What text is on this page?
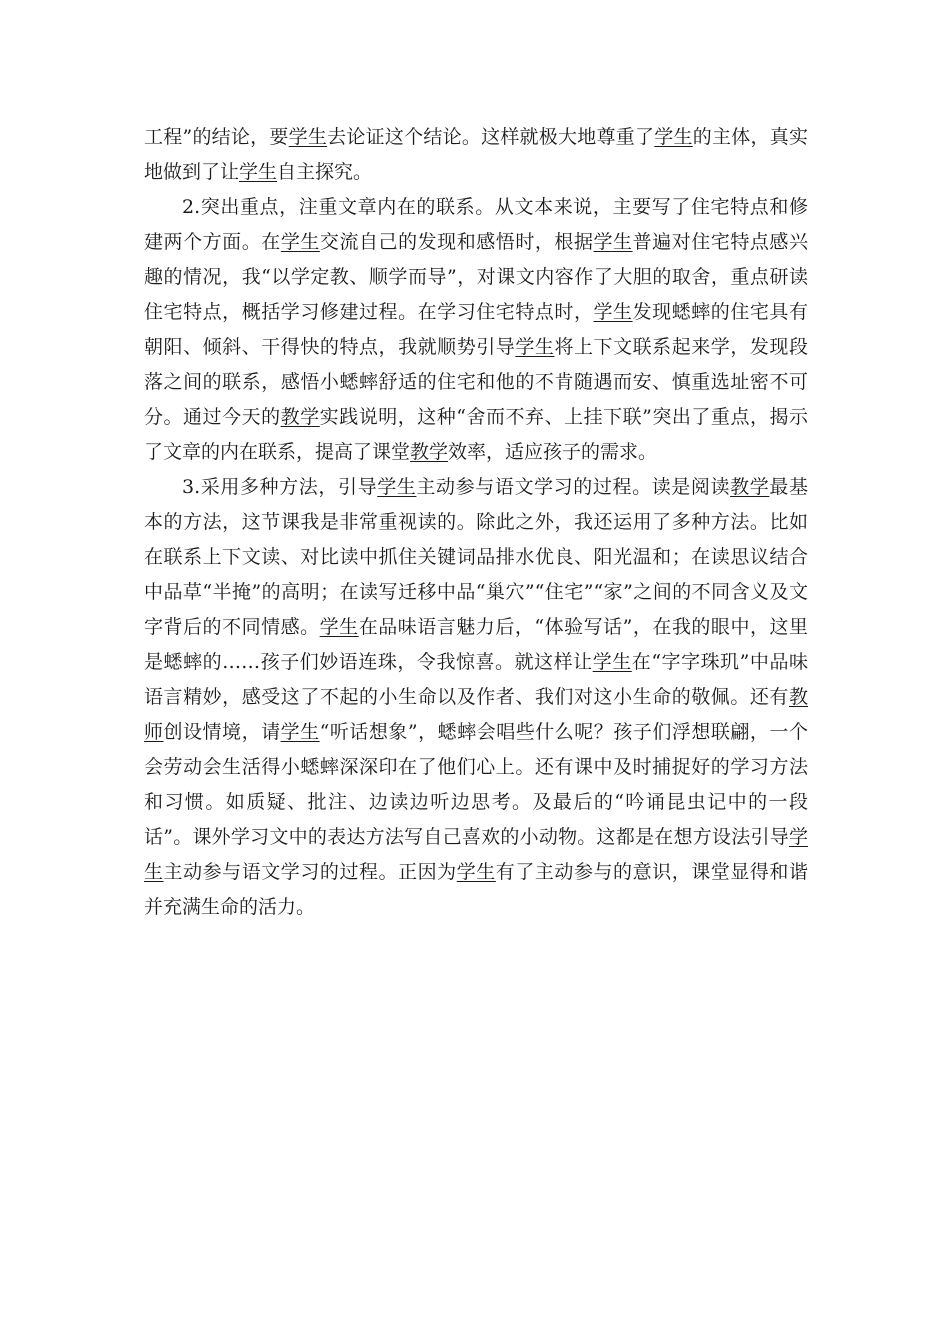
工程”的结论，要学生去论证这个结论。这样就极大地尊重了学生的主体，真实地做到了让学生自主探究。

2.突出重点，注重文章内在的联系。从文本来说，主要写了住宅特点和修建两个方面。在学生交流自己的发现和感悟时，根据学生普遍对住宅特点感兴趣的情况，我“以学定教、顺学而导”，对课文内容作了大胆的取舍，重点研读住宅特点，概括学习修建过程。在学习住宅特点时，学生发现蟋蟀的住宅具有朝阳、倾斜、干得快的特点，我就顺势引导学生将上下文联系起来学，发现段落之间的联系，感悟小蟋蟀舒适的住宅和他的不肯随遇而安、慎重选址密不可分。通过今天的教学实践说明，这种“舍而不弃、上挂下联”突出了重点，揭示了文章的内在联系，提高了课堂教学效率，适应孩子的需求。

3.采用多种方法，引导学生主动参与语文学习的过程。读是阅读教学最基本的方法，这节课我是非常重视读的。除此之外，我还运用了多种方法。比如在联系上下文读、对比读中抓住关键词品排水优良、阳光温和；在读思议结合中品草“半掩”的高明；在读写迁移中品“巢穴”“住宅”“家”之间的不同含义及文字背后的不同情感。学生在品味语言魅力后，“体验写话”，在我的眼中，这里是蟋蟀的……孩子们妙语连珠，令我惊喜。就这样让学生在“字字珠玑”中品味语言精妙，感受这了不起的小生命以及作者、我们对这小生命的敬佩。还有教师创设情境，请学生“听话想象”，蟋蟀会唱些什么呢？孩子们浮想联翩，一个会劳动会生活得小蟋蟀深深印在了他们心上。还有课中及时捕捉好的学习方法和习惯。如质疑、批注、边读边听边思考。及最后的“吟诵昆虫记中的一段话”。课外学习文中的表达方法写自己喜欢的小动物。这都是在想方设法引导学生主动参与语文学习的过程。正因为学生有了主动参与的意识，课堂显得和谐并充满生命的活力。
